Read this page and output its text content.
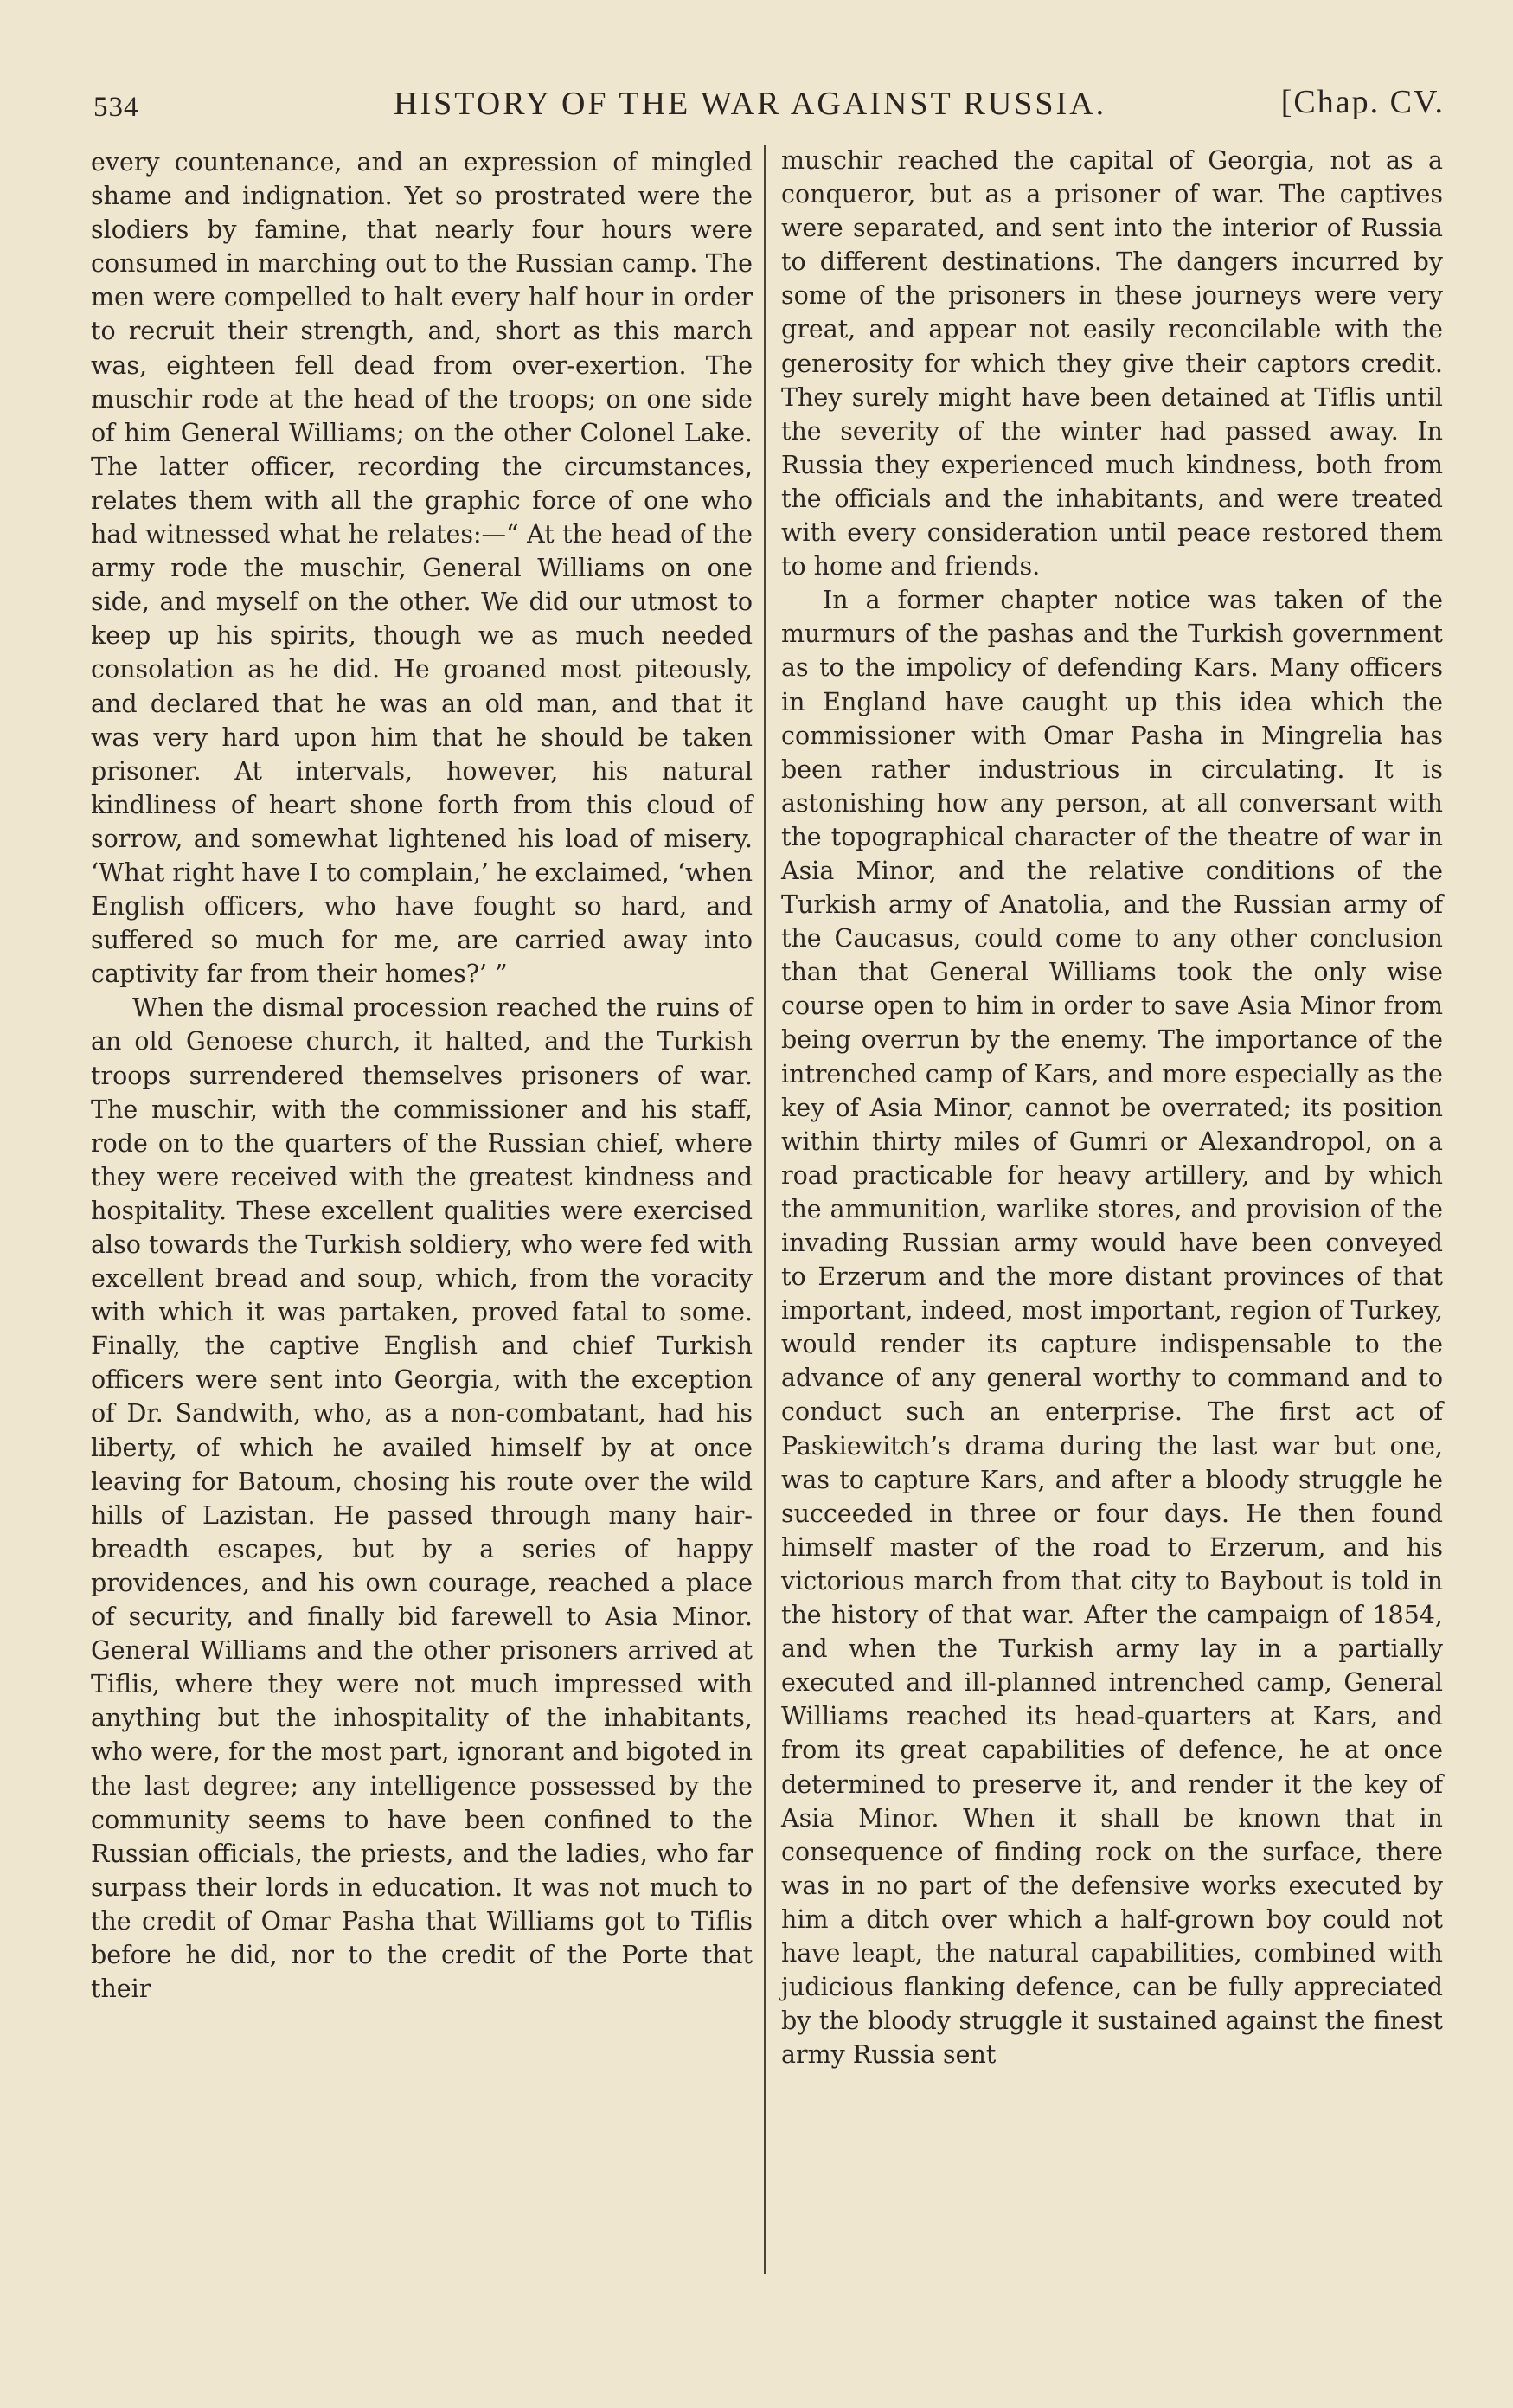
534	HISTORY OF THE WAR AGAINST RUSSIA.	[Chap. CV.

every countenance, and an expression of mingled shame and indignation. Yet so prostrated were the slodiers by famine, that nearly four hours were consumed in marching out to the Russian camp. The men were compelled to halt every half hour in order to recruit their strength, and, short as this march was, eighteen fell dead from over-exertion. The muschir rode at the head of the troops; on one side of him General Williams; on the other Colonel Lake. The latter officer, recording the circumstances, relates them with all the graphic force of one who had witnessed what he relates:—“ At the head of the army rode the muschir, General Williams on one side, and myself on the other. We did our utmost to keep up his spirits, though we as much needed consolation as he did. He groaned most piteously, and declared that he was an old man, and that it was very hard upon him that he should be taken prisoner. At intervals, however, his natural kindliness of heart shone forth from this cloud of sorrow, and somewhat lightened his load of misery. ‘What right have I to complain,’ he exclaimed, ‘when English officers, who have fought so hard, and suffered so much for me, are carried away into captivity far from their homes?’ ”

When the dismal procession reached the ruins of an old Genoese church, it halted, and the Turkish troops surrendered themselves prisoners of war. The muschir, with the commissioner and his staff, rode on to the quarters of the Russian chief, where they were received with the greatest kindness and hospitality. These excellent qualities were exercised also towards the Turkish soldiery, who were fed with excellent bread and soup, which, from the voracity with which it was partaken, proved fatal to some. Finally, the captive English and chief Turkish officers were sent into Georgia, with the exception of Dr. Sandwith, who, as a non-combatant, had his liberty, of which he availed himself by at once leaving for Batoum, chosing his route over the wild hills of Lazistan. He passed through many hair-breadth escapes, but by a series of happy providences, and his own courage, reached a place of security, and finally bid farewell to Asia Minor. General Williams and the other prisoners arrived at Tiflis, where they were not much impressed with anything but the inhospitality of the inhabitants, who were, for the most part, ignorant and bigoted in the last degree; any intelligence possessed by the community seems to have been confined to the Russian officials, the priests, and the ladies, who far surpass their lords in education. It was not much to the credit of Omar Pasha that Williams got to Tiflis before he did, nor to the credit of the Porte that their

muschir reached the capital of Georgia, not as a conqueror, but as a prisoner of war. The captives were separated, and sent into the interior of Russia to different destinations. The dangers incurred by some of the prisoners in these journeys were very great, and appear not easily reconcilable with the generosity for which they give their captors credit. They surely might have been detained at Tiflis until the severity of the winter had passed away. In Russia they experienced much kindness, both from the officials and the inhabitants, and were treated with every consideration until peace restored them to home and friends.

In a former chapter notice was taken of the murmurs of the pashas and the Turkish government as to the impolicy of defending Kars. Many officers in England have caught up this idea which the commissioner with Omar Pasha in Mingrelia has been rather industrious in circulating. It is astonishing how any person, at all conversant with the topographical character of the theatre of war in Asia Minor, and the relative conditions of the Turkish army of Anatolia, and the Russian army of the Caucasus, could come to any other conclusion than that General Williams took the only wise course open to him in order to save Asia Minor from being overrun by the enemy. The importance of the intrenched camp of Kars, and more especially as the key of Asia Minor, cannot be overrated; its position within thirty miles of Gumri or Alexandropol, on a road practicable for heavy artillery, and by which the ammunition, warlike stores, and provision of the invading Russian army would have been conveyed to Erzerum and the more distant provinces of that important, indeed, most important, region of Turkey, would render its capture indispensable to the advance of any general worthy to command and to conduct such an enterprise. The first act of Paskiewitch’s drama during the last war but one, was to capture Kars, and after a bloody struggle he succeeded in three or four days. He then found himself master of the road to Erzerum, and his victorious march from that city to Baybout is told in the history of that war. After the campaign of 1854, and when the Turkish army lay in a partially executed and ill-planned intrenched camp, General Williams reached its head-quarters at Kars, and from its great capabilities of defence, he at once determined to preserve it, and render it the key of Asia Minor. When it shall be known that in consequence of finding rock on the surface, there was in no part of the defensive works executed by him a ditch over which a half-grown boy could not have leapt, the natural capabilities, combined with judicious flanking defence, can be fully appreciated by the bloody struggle it sustained against the finest army Russia sent
